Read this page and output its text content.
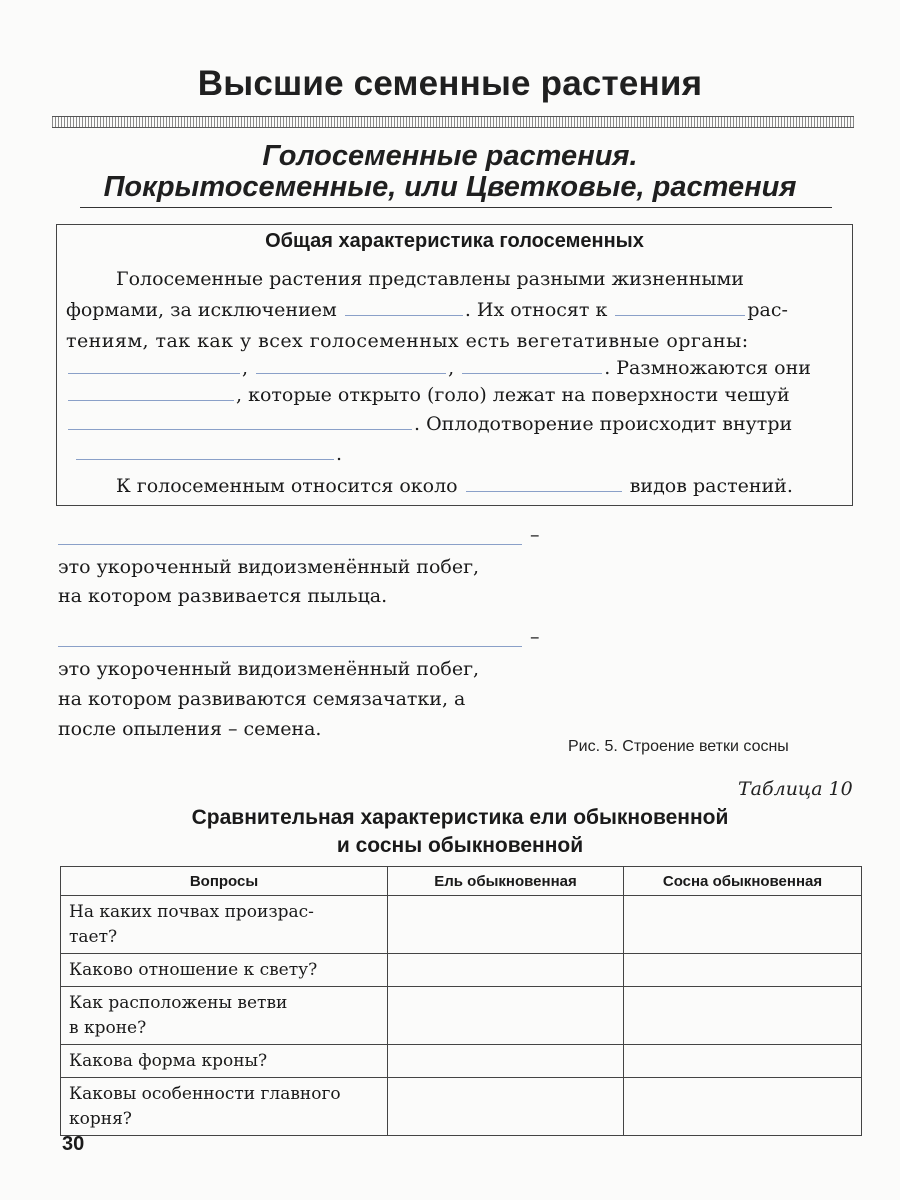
Высшие семенные растения
Голосеменные растения.
Покрытосеменные, или Цветковые, растения
Общая характеристика голосеменных
Голосеменные растения представлены разными жизненными
формами, за исключением	. Их относят к	рас-
тениям, так как у всех голосеменных есть вегетативные органы:
,	,	. Размножаются они
, которые открыто (голо) лежат на поверхности чешуй
. Оплодотворение происходит внутри
.
К голосеменным относится около	видов растений.
–
это укороченный видоизменённый побег,
на котором развивается пыльца.
–
это укороченный видоизменённый побег,
на котором развиваются семязачатки, а
после опыления – семена.
Рис. 5. Строение ветки сосны
Таблица 10
Сравнительная характеристика ели обыкновенной
и сосны обыкновенной
Вопросы	Ель обыкновенная	Сосна обыкновенная

На каких почвах произрас-
тает?		

Каково отношение к свету?		

Как расположены ветви
в кроне?		

Какова форма кроны?		

Каковы особенности главного
корня?		

30
